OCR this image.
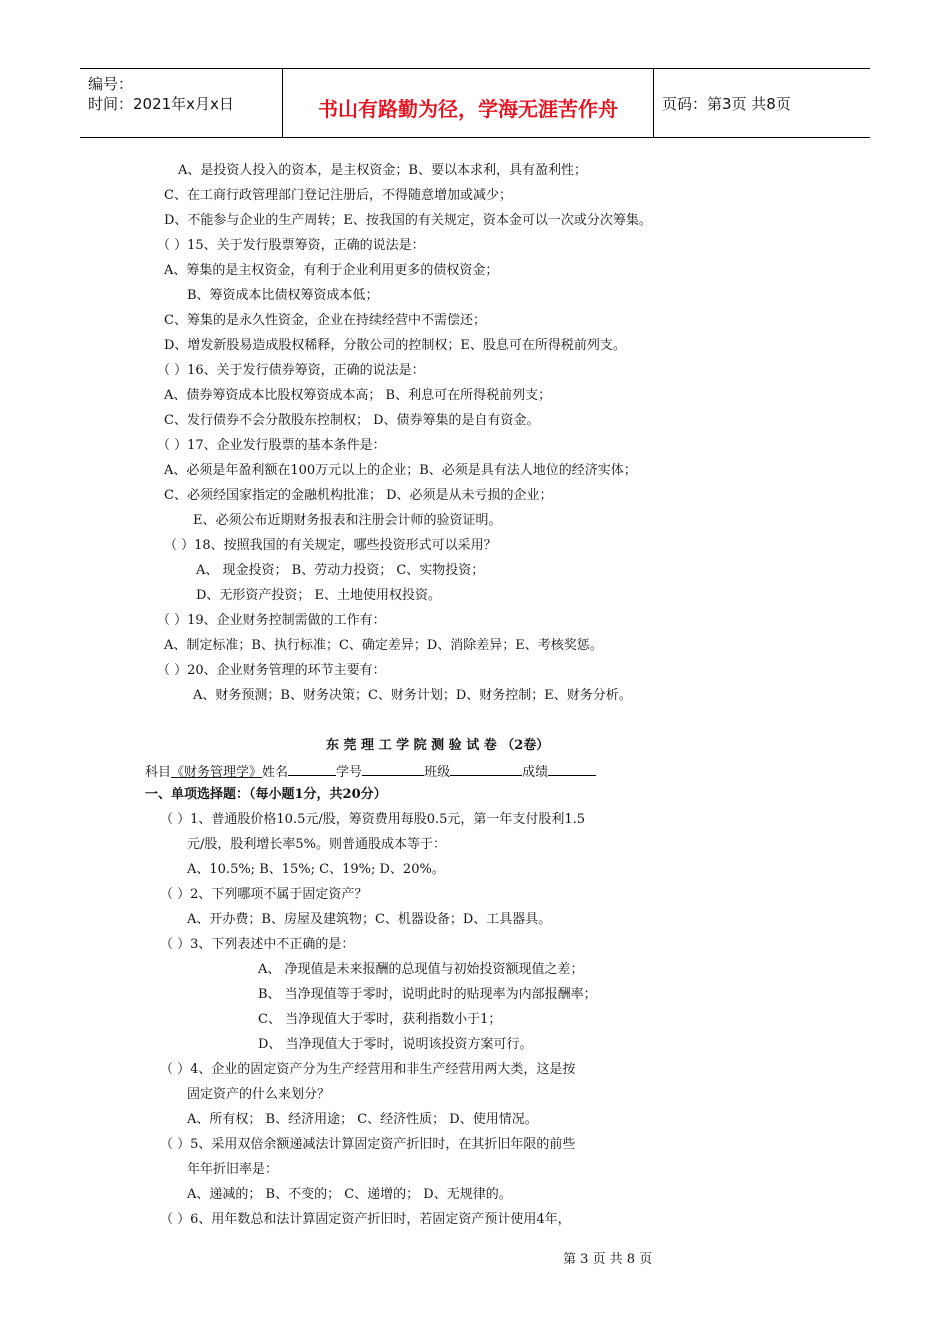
编号：
时间：2021年x月x日	书山有路勤为径，学海无涯苦作舟	页码：第3页 共8页
A、是投资人投入的资本，是主权资金；B、要以本求利，具有盈利性；
C、在工商行政管理部门登记注册后，不得随意增加或减少；
D、不能参与企业的生产周转；E、按我国的有关规定，资本金可以一次或分次筹集。
（ ）15、关于发行股票筹资，正确的说法是：
A、筹集的是主权资金，有利于企业利用更多的债权资金；
B、筹资成本比债权筹资成本低；
C、筹集的是永久性资金，企业在持续经营中不需偿还；
D、增发新股易造成股权稀释，分散公司的控制权；E、股息可在所得税前列支。
（ ）16、关于发行债券筹资，正确的说法是：
A、债券筹资成本比股权筹资成本高； B、利息可在所得税前列支；
C、发行债券不会分散股东控制权； D、债券筹集的是自有资金。
（ ）17、企业发行股票的基本条件是：
A、必须是年盈利额在100万元以上的企业；B、必须是具有法人地位的经济实体；
C、必须经国家指定的金融机构批准； D、必须是从未亏损的企业；
E、必须公布近期财务报表和注册会计师的验资证明。
（ ）18、按照我国的有关规定，哪些投资形式可以采用？
A、 现金投资； B、劳动力投资； C、实物投资；
D、无形资产投资； E、土地使用权投资。
（ ）19、企业财务控制需做的工作有：
A、制定标准；B、执行标准；C、确定差异；D、消除差异；E、考核奖惩。
（ ）20、企业财务管理的环节主要有：
A、财务预测；B、财务决策；C、财务计划；D、财务控制；E、财务分析。
东 莞 理 工 学 院 测 验 试 卷 （2卷）
科目《财务管理学》姓名	学号	班级	成绩
一、单项选择题：（每小题1分，共20分）
（ ）1、普通股价格10.5元/股，筹资费用每股0.5元，第一年支付股利1.5
元/股，股利增长率5%。则普通股成本等于：
A、10.5%; B、15%; C、19%; D、20%。
（ ）2、下列哪项不属于固定资产？
A、开办费；B、房屋及建筑物；C、机器设备；D、工具器具。
（ ）3、下列表述中不正确的是：
A、 净现值是未来报酬的总现值与初始投资额现值之差；
B、 当净现值等于零时，说明此时的贴现率为内部报酬率；
C、 当净现值大于零时，获利指数小于1；
D、 当净现值大于零时，说明该投资方案可行。
（ ）4、企业的固定资产分为生产经营用和非生产经营用两大类，这是按
固定资产的什么来划分？
A、所有权； B、经济用途； C、经济性质； D、使用情况。
（ ）5、采用双倍余额递减法计算固定资产折旧时，在其折旧年限的前些
年年折旧率是：
A、递减的； B、不变的； C、递增的； D、无规律的。
（ ）6、用年数总和法计算固定资产折旧时，若固定资产预计使用4年，
第 3 页 共 8 页
